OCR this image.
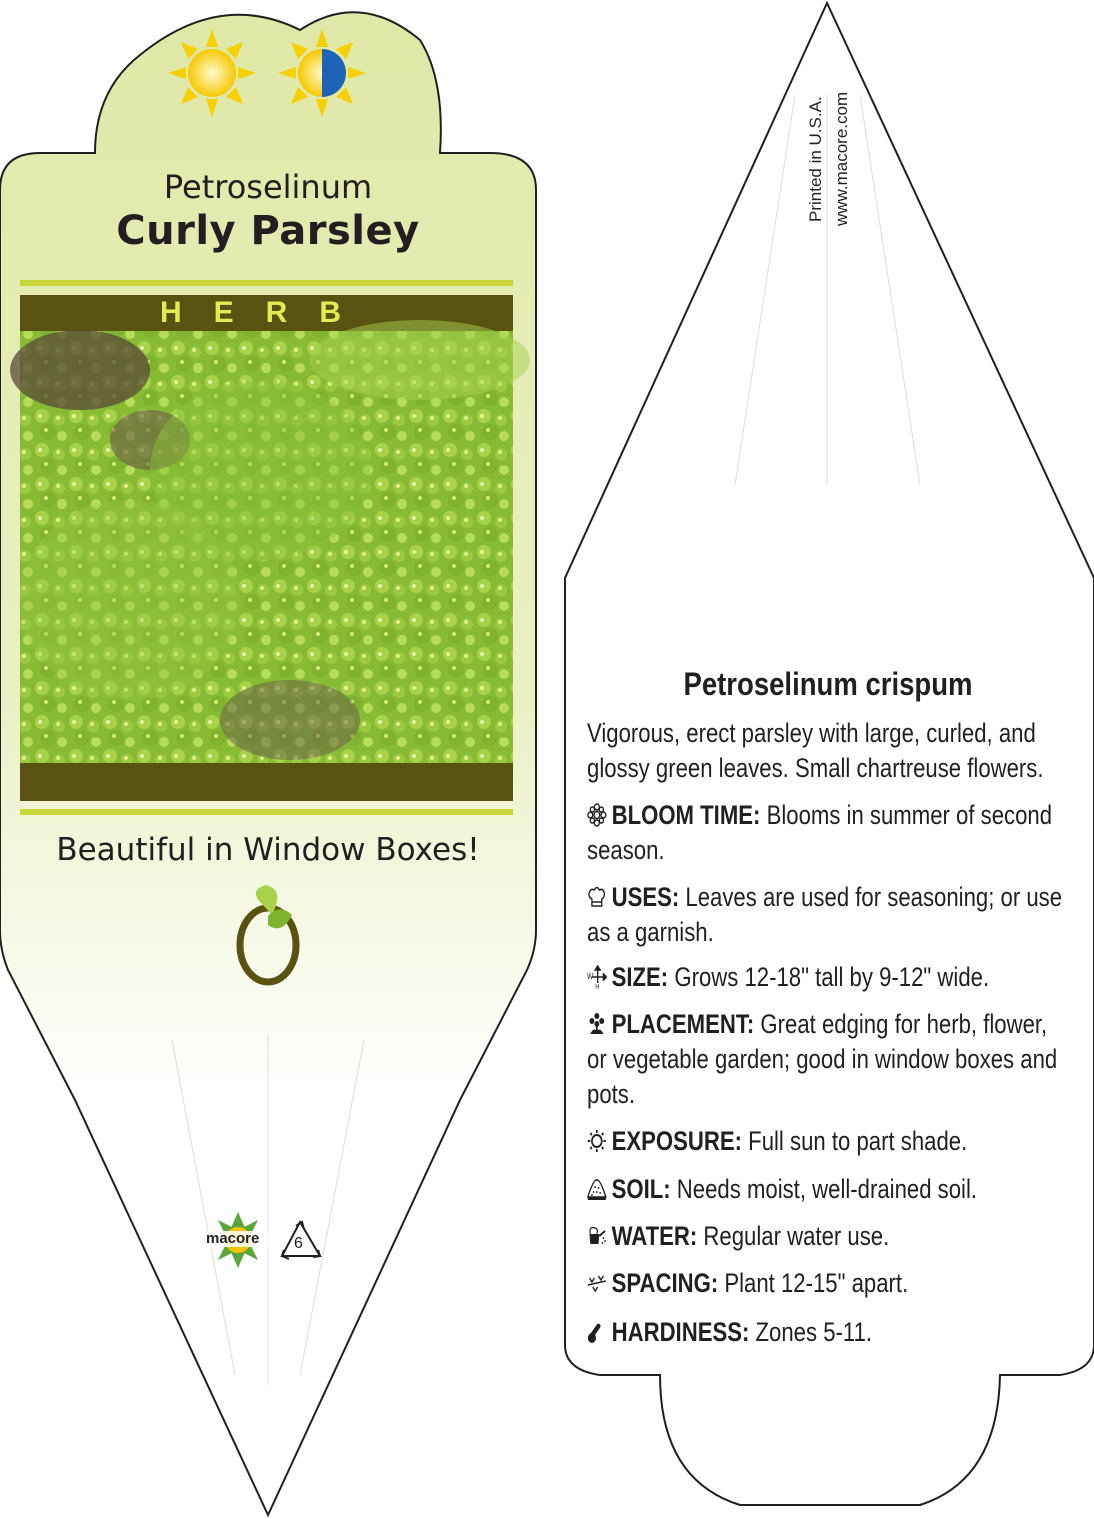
Petroselinum
Curly Parsley
HERB
Beautiful in Window Boxes!
macore 6
Printed in U.S.A. www.macore.com
Petroselinum crispum
Vigorous, erect parsley with large, curled, and glossy green leaves. Small chartreuse flowers.
BLOOM TIME: Blooms in summer of second season.
USES: Leaves are used for seasoning; or use as a garnish.
W
H SIZE: Grows 12-18" tall by 9-12" wide.
PLACEMENT: Great edging for herb, flower, or vegetable garden; good in window boxes and pots.
EXPOSURE: Full sun to part shade.
SOIL: Needs moist, well-drained soil.
WATER: Regular water use.
SPACING: Plant 12-15" apart.
HARDINESS: Zones 5-11.
